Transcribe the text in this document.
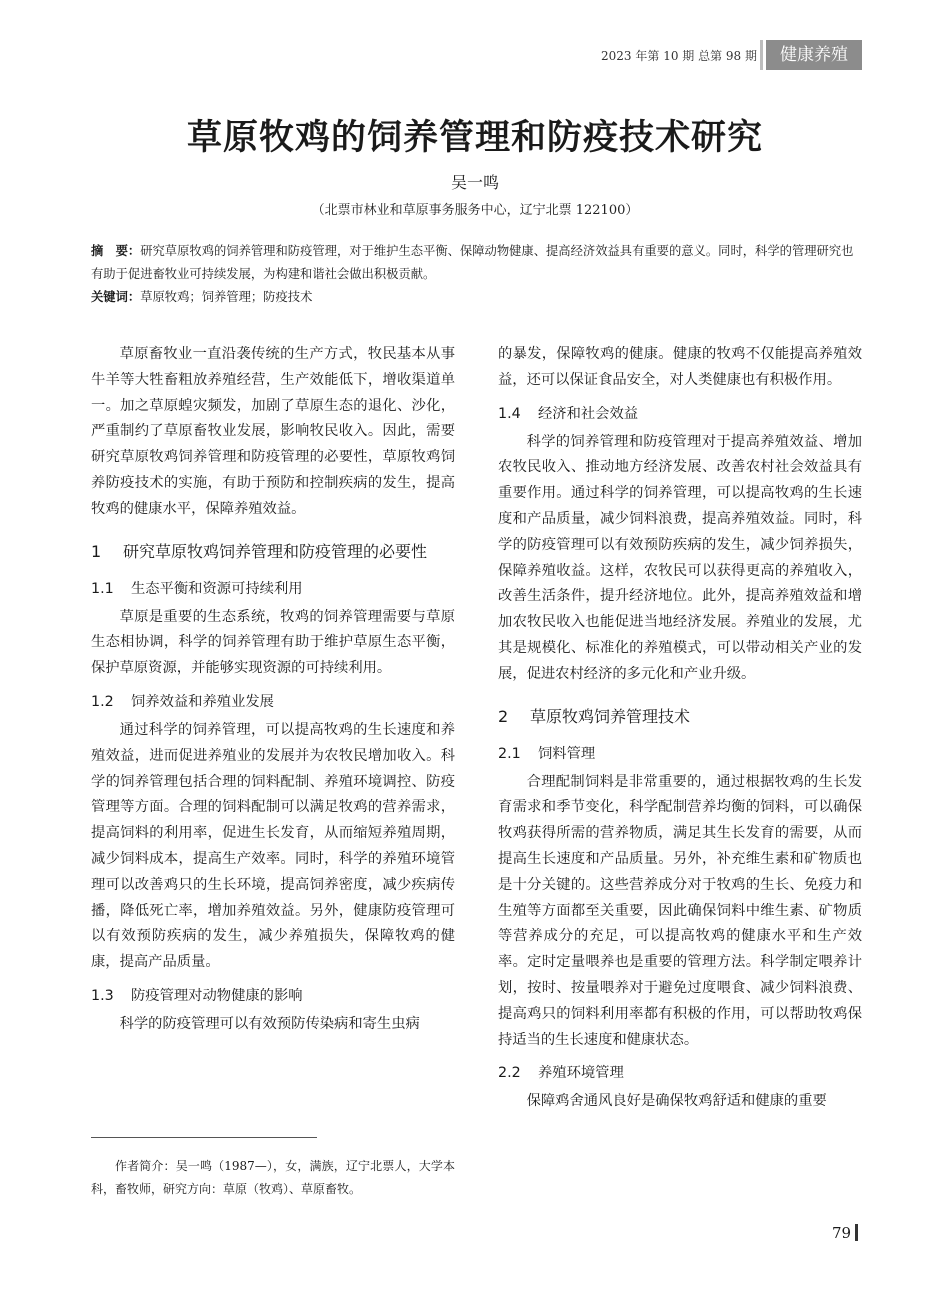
2023 年第 10 期 总第 98 期	健康养殖
草原牧鸡的饲养管理和防疫技术研究
吴一鸣
（北票市林业和草原事务服务中心，辽宁北票 122100）
摘　要：研究草原牧鸡的饲养管理和防疫管理，对于维护生态平衡、保障动物健康、提高经济效益具有重要的意义。同时，科学的管理研究也有助于促进畜牧业可持续发展，为构建和谐社会做出积极贡献。
关键词：草原牧鸡；饲养管理；防疫技术

草原畜牧业一直沿袭传统的生产方式，牧民基本从事牛羊等大牲畜粗放养殖经营，生产效能低下，增收渠道单一。加之草原蝗灾频发，加剧了草原生态的退化、沙化，严重制约了草原畜牧业发展，影响牧民收入。因此，需要研究草原牧鸡饲养管理和防疫管理的必要性，草原牧鸡饲养防疫技术的实施，有助于预防和控制疾病的发生，提高牧鸡的健康水平，保障养殖效益。

1 研究草原牧鸡饲养管理和防疫管理的必要性
1.1 生态平衡和资源可持续利用

草原是重要的生态系统，牧鸡的饲养管理需要与草原生态相协调，科学的饲养管理有助于维护草原生态平衡，保护草原资源，并能够实现资源的可持续利用。

1.2 饲养效益和养殖业发展

通过科学的饲养管理，可以提高牧鸡的生长速度和养殖效益，进而促进养殖业的发展并为农牧民增加收入。科学的饲养管理包括合理的饲料配制、养殖环境调控、防疫管理等方面。合理的饲料配制可以满足牧鸡的营养需求，提高饲料的利用率，促进生长发育，从而缩短养殖周期，减少饲料成本，提高生产效率。同时，科学的养殖环境管理可以改善鸡只的生长环境，提高饲养密度，减少疾病传播，降低死亡率，增加养殖效益。另外，健康防疫管理可以有效预防疾病的发生，减少养殖损失，保障牧鸡的健康，提高产品质量。

1.3 防疫管理对动物健康的影响

科学的防疫管理可以有效预防传染病和寄生虫病

作者简介：吴一鸣（1987—），女，满族，辽宁北票人，大学本科，畜牧师，研究方向：草原（牧鸡）、草原畜牧。

的暴发，保障牧鸡的健康。健康的牧鸡不仅能提高养殖效益，还可以保证食品安全，对人类健康也有积极作用。

1.4 经济和社会效益

科学的饲养管理和防疫管理对于提高养殖效益、增加农牧民收入、推动地方经济发展、改善农村社会效益具有重要作用。通过科学的饲养管理，可以提高牧鸡的生长速度和产品质量，减少饲料浪费，提高养殖效益。同时，科学的防疫管理可以有效预防疾病的发生，减少饲养损失，保障养殖收益。这样，农牧民可以获得更高的养殖收入，改善生活条件，提升经济地位。此外，提高养殖效益和增加农牧民收入也能促进当地经济发展。养殖业的发展，尤其是规模化、标准化的养殖模式，可以带动相关产业的发展，促进农村经济的多元化和产业升级。

2 草原牧鸡饲养管理技术
2.1 饲料管理

合理配制饲料是非常重要的，通过根据牧鸡的生长发育需求和季节变化，科学配制营养均衡的饲料，可以确保牧鸡获得所需的营养物质，满足其生长发育的需要，从而提高生长速度和产品质量。另外，补充维生素和矿物质也是十分关键的。这些营养成分对于牧鸡的生长、免疫力和生殖等方面都至关重要，因此确保饲料中维生素、矿物质等营养成分的充足，可以提高牧鸡的健康水平和生产效率。定时定量喂养也是重要的管理方法。科学制定喂养计划，按时、按量喂养对于避免过度喂食、减少饲料浪费、提高鸡只的饲料利用率都有积极的作用，可以帮助牧鸡保持适当的生长速度和健康状态。

2.2 养殖环境管理

保障鸡舍通风良好是确保牧鸡舒适和健康的重要

79
